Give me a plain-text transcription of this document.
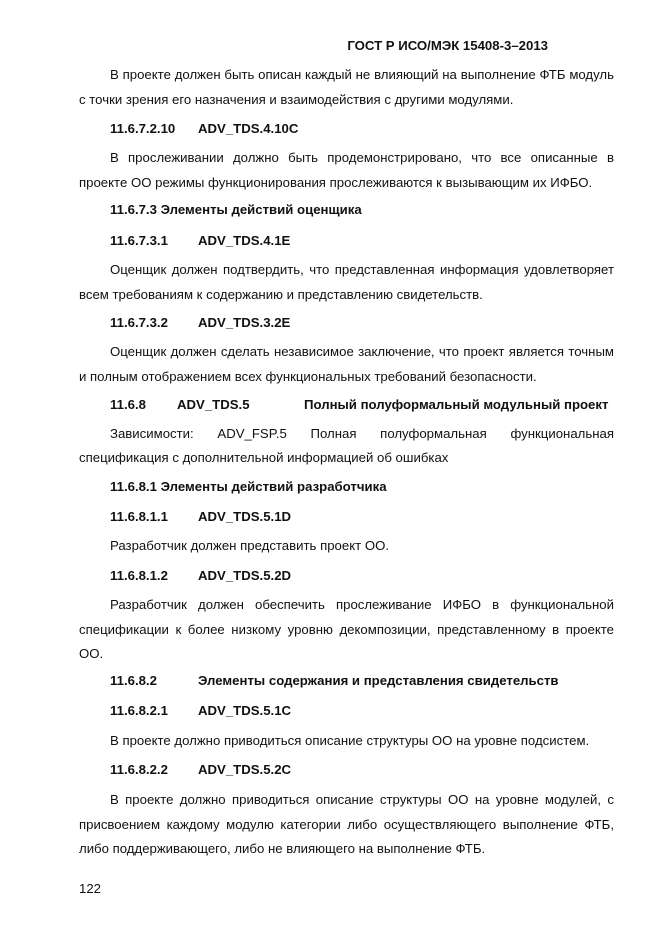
ГОСТ Р ИСО/МЭК 15408-3–2013
В проекте должен быть описан каждый не влияющий на выполнение ФТБ модуль с точки зрения его назначения и взаимодействия с другими модулями.
11.6.7.2.10 ADV_TDS.4.10C
В прослеживании должно быть продемонстрировано, что все описанные в проекте ОО режимы функционирования прослеживаются к вызывающим их ИФБО.
11.6.7.3 Элементы действий оценщика
11.6.7.3.1 ADV_TDS.4.1E
Оценщик должен подтвердить, что представленная информация удовлетворяет всем требованиям к содержанию и представлению свидетельств.
11.6.7.3.2 ADV_TDS.3.2E
Оценщик должен сделать независимое заключение, что проект является точным и полным отображением всех функциональных требований безопасности.
11.6.8 ADV_TDS.5	Полный полуформальный модульный проект
Зависимости: ADV_FSP.5 Полная полуформальная функциональная
спецификация с дополнительной информацией об ошибках
11.6.8.1 Элементы действий разработчика
11.6.8.1.1 ADV_TDS.5.1D
Разработчик должен представить проект ОО.
11.6.8.1.2 ADV_TDS.5.2D
Разработчик должен обеспечить прослеживание ИФБО в функциональной спецификации к более низкому уровню декомпозиции, представленному в проекте ОО.
11.6.8.2	Элементы содержания и представления свидетельств
11.6.8.2.1 ADV_TDS.5.1C
В проекте должно приводиться описание структуры ОО на уровне подсистем.
11.6.8.2.2 ADV_TDS.5.2C
В проекте должно приводиться описание структуры ОО на уровне модулей, с присвоением каждому модулю категории либо осуществляющего выполнение ФТБ, либо поддерживающего, либо не влияющего на выполнение ФТБ.
122
